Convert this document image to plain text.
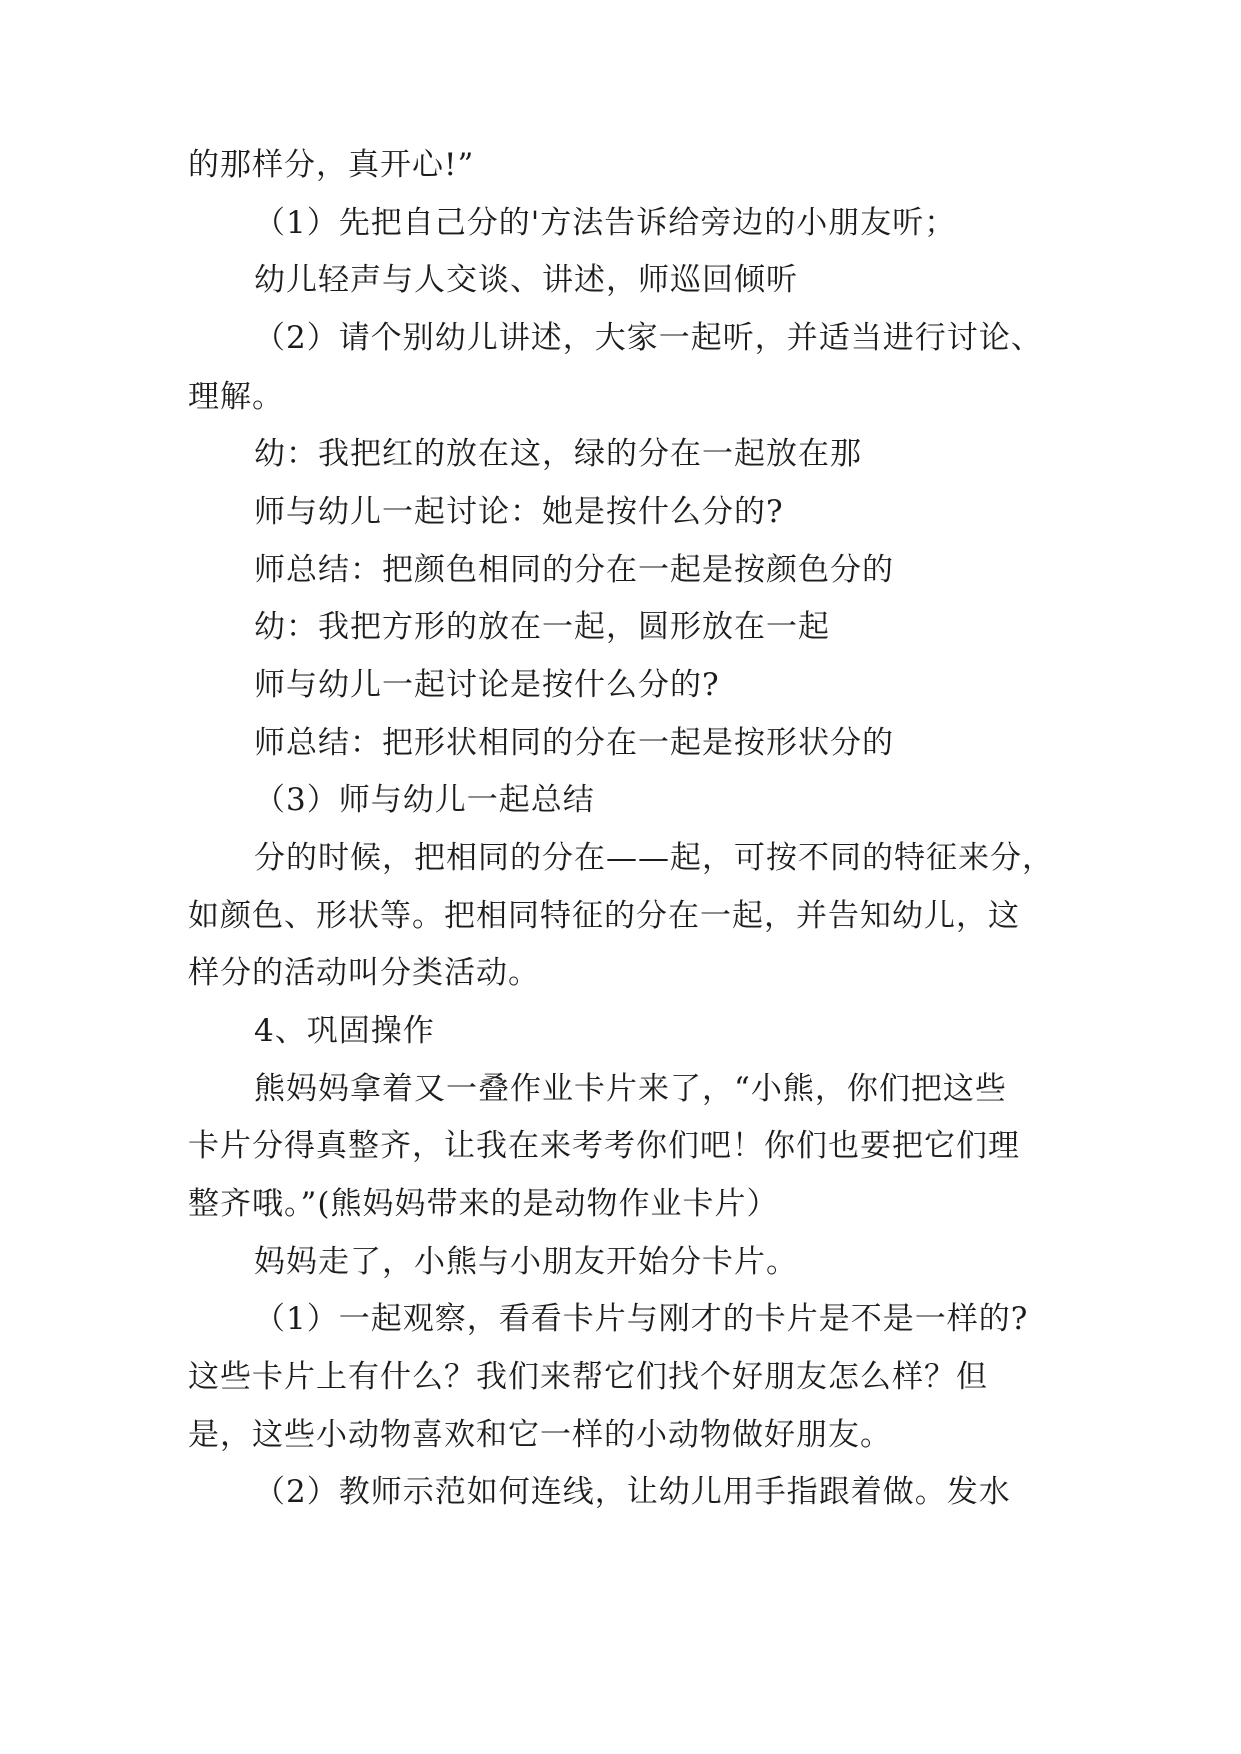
的那样分，真开心!”
（1）先把自己分的'方法告诉给旁边的小朋友听；
幼儿轻声与人交谈、讲述，师巡回倾听
（2）请个别幼儿讲述，大家一起听，并适当进行讨论、
理解。
幼：我把红的放在这，绿的分在一起放在那
师与幼儿一起讨论：她是按什么分的?
师总结：把颜色相同的分在一起是按颜色分的
幼：我把方形的放在一起，圆形放在一起
师与幼儿一起讨论是按什么分的?
师总结：把形状相同的分在一起是按形状分的
（3）师与幼儿一起总结
分的时候，把相同的分在——起，可按不同的特征来分，
如颜色、形状等。把相同特征的分在一起，并告知幼儿，这
样分的活动叫分类活动。
4、巩固操作
熊妈妈拿着又一叠作业卡片来了，“小熊，你们把这些
卡片分得真整齐，让我在来考考你们吧！你们也要把它们理
整齐哦。”(熊妈妈带来的是动物作业卡片）
妈妈走了，小熊与小朋友开始分卡片。
（1）一起观察，看看卡片与刚才的卡片是不是一样的?
这些卡片上有什么？我们来帮它们找个好朋友怎么样？但
是，这些小动物喜欢和它一样的小动物做好朋友。
（2）教师示范如何连线，让幼儿用手指跟着做。发水
